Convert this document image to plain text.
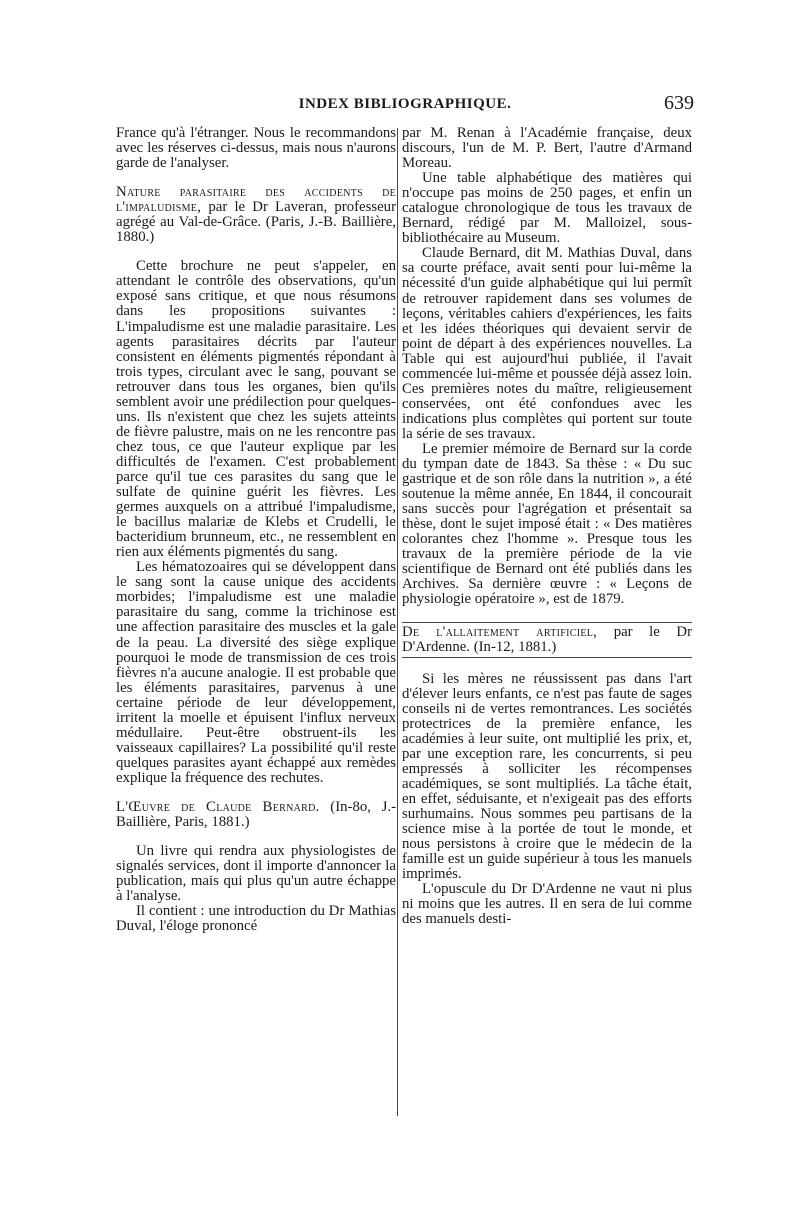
INDEX BIBLIOGRAPHIQUE.	639

France qu'à l'étranger. Nous le recommandons avec les réserves ci-dessus, mais nous n'aurons garde de l'analyser.

Nature parasitaire des accidents de l'impaludisme, par le Dr Laveran, professeur agrégé au Val-de-Grâce. (Paris, J.-B. Baillière, 1880.)

Cette brochure ne peut s'appeler, en attendant le contrôle des observations, qu'un exposé sans critique, et que nous résumons dans les propositions suivantes : L'impaludisme est une maladie parasitaire. Les agents parasitaires décrits par l'auteur consistent en éléments pigmentés répondant à trois types, circulant avec le sang, pouvant se retrouver dans tous les organes, bien qu'ils semblent avoir une prédilection pour quelques-uns. Ils n'existent que chez les sujets atteints de fièvre palustre, mais on ne les rencontre pas chez tous, ce que l'auteur explique par les difficultés de l'examen. C'est probablement parce qu'il tue ces parasites du sang que le sulfate de quinine guérit les fièvres. Les germes auxquels on a attribué l'impaludisme, le bacillus malariæ de Klebs et Crudelli, le bacteridium brunneum, etc., ne ressemblent en rien aux éléments pigmentés du sang.

Les hématozoaires qui se développent dans le sang sont la cause unique des accidents morbides; l'impaludisme est une maladie parasitaire du sang, comme la trichinose est une affection parasitaire des muscles et la gale de la peau. La diversité des siège explique pourquoi le mode de transmission de ces trois fièvres n'a aucune analogie. Il est probable que les éléments parasitaires, parvenus à une certaine période de leur développement, irritent la moelle et épuisent l'influx nerveux médullaire. Peut-être obstruent-ils les vaisseaux capillaires? La possibilité qu'il reste quelques parasites ayant échappé aux remèdes explique la fréquence des rechutes.

L'Œuvre de Claude Bernard. (In-8o, J.-Baillière, Paris, 1881.)

Un livre qui rendra aux physiologistes de signalés services, dont il importe d'annoncer la publication, mais qui plus qu'un autre échappe à l'analyse.

Il contient : une introduction du Dr Mathias Duval, l'éloge prononcé

par M. Renan à l'Académie française, deux discours, l'un de M. P. Bert, l'autre d'Armand Moreau.

Une table alphabétique des matières qui n'occupe pas moins de 250 pages, et enfin un catalogue chronologique de tous les travaux de Bernard, rédigé par M. Malloizel, sous-bibliothécaire au Museum.

Claude Bernard, dit M. Mathias Duval, dans sa courte préface, avait senti pour lui-même la nécessité d'un guide alphabétique qui lui permît de retrouver rapidement dans ses volumes de leçons, véritables cahiers d'expériences, les faits et les idées théoriques qui devaient servir de point de départ à des expériences nouvelles. La Table qui est aujourd'hui publiée, il l'avait commencée lui-même et poussée déjà assez loin. Ces premières notes du maître, religieusement conservées, ont été confondues avec les indications plus complètes qui portent sur toute la série de ses travaux.

Le premier mémoire de Bernard sur la corde du tympan date de 1843. Sa thèse : « Du suc gastrique et de son rôle dans la nutrition », a été soutenue la même année, En 1844, il concourait sans succès pour l'agrégation et présentait sa thèse, dont le sujet imposé était : « Des matières colorantes chez l'homme ». Presque tous les travaux de la première période de la vie scientifique de Bernard ont été publiés dans les Archives. Sa dernière œuvre : « Leçons de physiologie opératoire », est de 1879.

De l'allaitement artificiel, par le Dr D'Ardenne. (In-12, 1881.)

Si les mères ne réussissent pas dans l'art d'élever leurs enfants, ce n'est pas faute de sages conseils ni de vertes remontrances. Les sociétés protectrices de la première enfance, les académies à leur suite, ont multiplié les prix, et, par une exception rare, les concurrents, si peu empressés à solliciter les récompenses académiques, se sont multipliés. La tâche était, en effet, séduisante, et n'exigeait pas des efforts surhumains. Nous sommes peu partisans de la science mise à la portée de tout le monde, et nous persistons à croire que le médecin de la famille est un guide supérieur à tous les manuels imprimés.

L'opuscule du Dr D'Ardenne ne vaut ni plus ni moins que les autres. Il en sera de lui comme des manuels desti-
